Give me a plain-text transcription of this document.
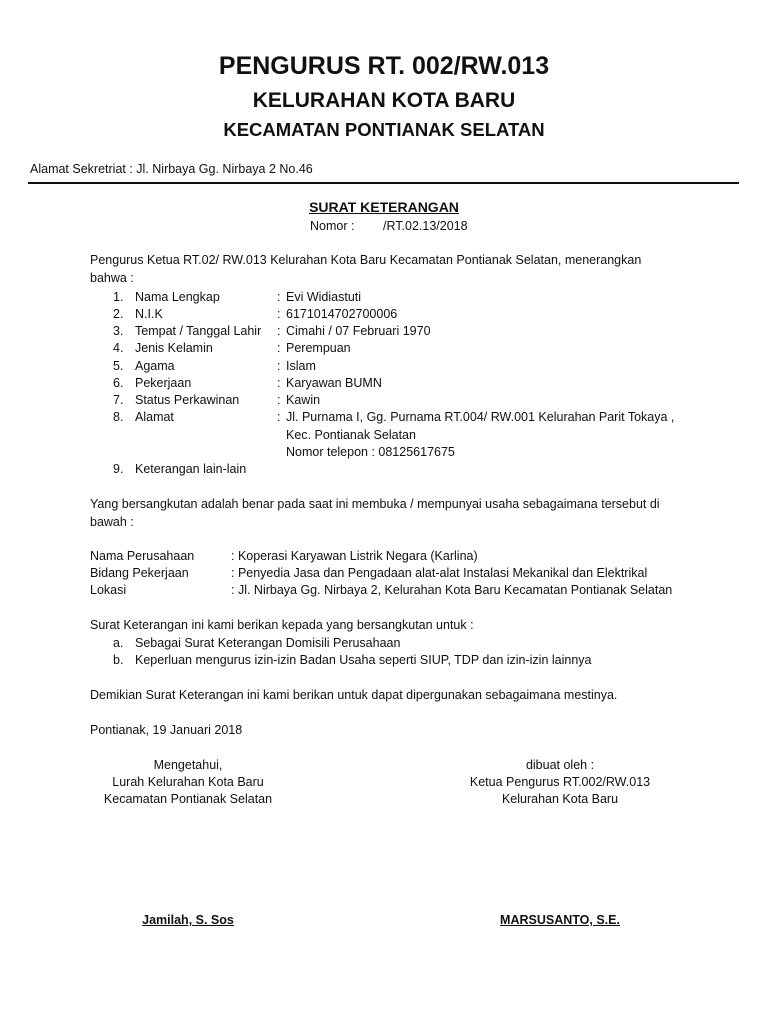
PENGURUS RT. 002/RW.013
KELURAHAN KOTA BARU
KECAMATAN PONTIANAK SELATAN
Alamat Sekretriat : Jl. Nirbaya Gg. Nirbaya 2 No.46
SURAT KETERANGAN
Nomor : /RT.02.13/2018
Pengurus Ketua RT.02/ RW.013 Kelurahan Kota Baru Kecamatan Pontianak Selatan, menerangkan
bahwa :
1. Nama Lengkap	: Evi Widiastuti
2. N.I.K	: 6171014702700006
3. Tempat / Tanggal Lahir : Cimahi / 07 Februari 1970
4. Jenis Kelamin	: Perempuan
5. Agama	: Islam
6. Pekerjaan	: Karyawan BUMN
7. Status Perkawinan	: Kawin
8. Alamat	: Jl. Purnama I, Gg. Purnama RT.004/ RW.001 Kelurahan Parit Tokaya ,
Kec. Pontianak Selatan
Nomor telepon : 08125617675
9. Keterangan lain-lain
Yang bersangkutan adalah benar pada saat ini membuka / mempunyai usaha sebagaimana tersebut di
bawah :
Nama Perusahaan	: Koperasi Karyawan Listrik Negara (Karlina)
Bidang Pekerjaan	: Penyedia Jasa dan Pengadaan alat-alat Instalasi Mekanikal dan Elektrikal
Lokasi	: Jl. Nirbaya Gg. Nirbaya 2, Kelurahan Kota Baru Kecamatan Pontianak Selatan
Surat Keterangan ini kami berikan kepada yang bersangkutan untuk :
a. Sebagai Surat Keterangan Domisili Perusahaan
b. Keperluan mengurus izin-izin Badan Usaha seperti SIUP, TDP dan izin-izin lainnya
Demikian Surat Keterangan ini kami berikan untuk dapat dipergunakan sebagaimana mestinya.
Pontianak, 19 Januari 2018
Mengetahui,
Lurah Kelurahan Kota Baru
Kecamatan Pontianak Selatan
Jamilah, S. Sos
dibuat oleh :
Ketua Pengurus RT.002/RW.013
Kelurahan Kota Baru
MARSUSANTO, S.E.
